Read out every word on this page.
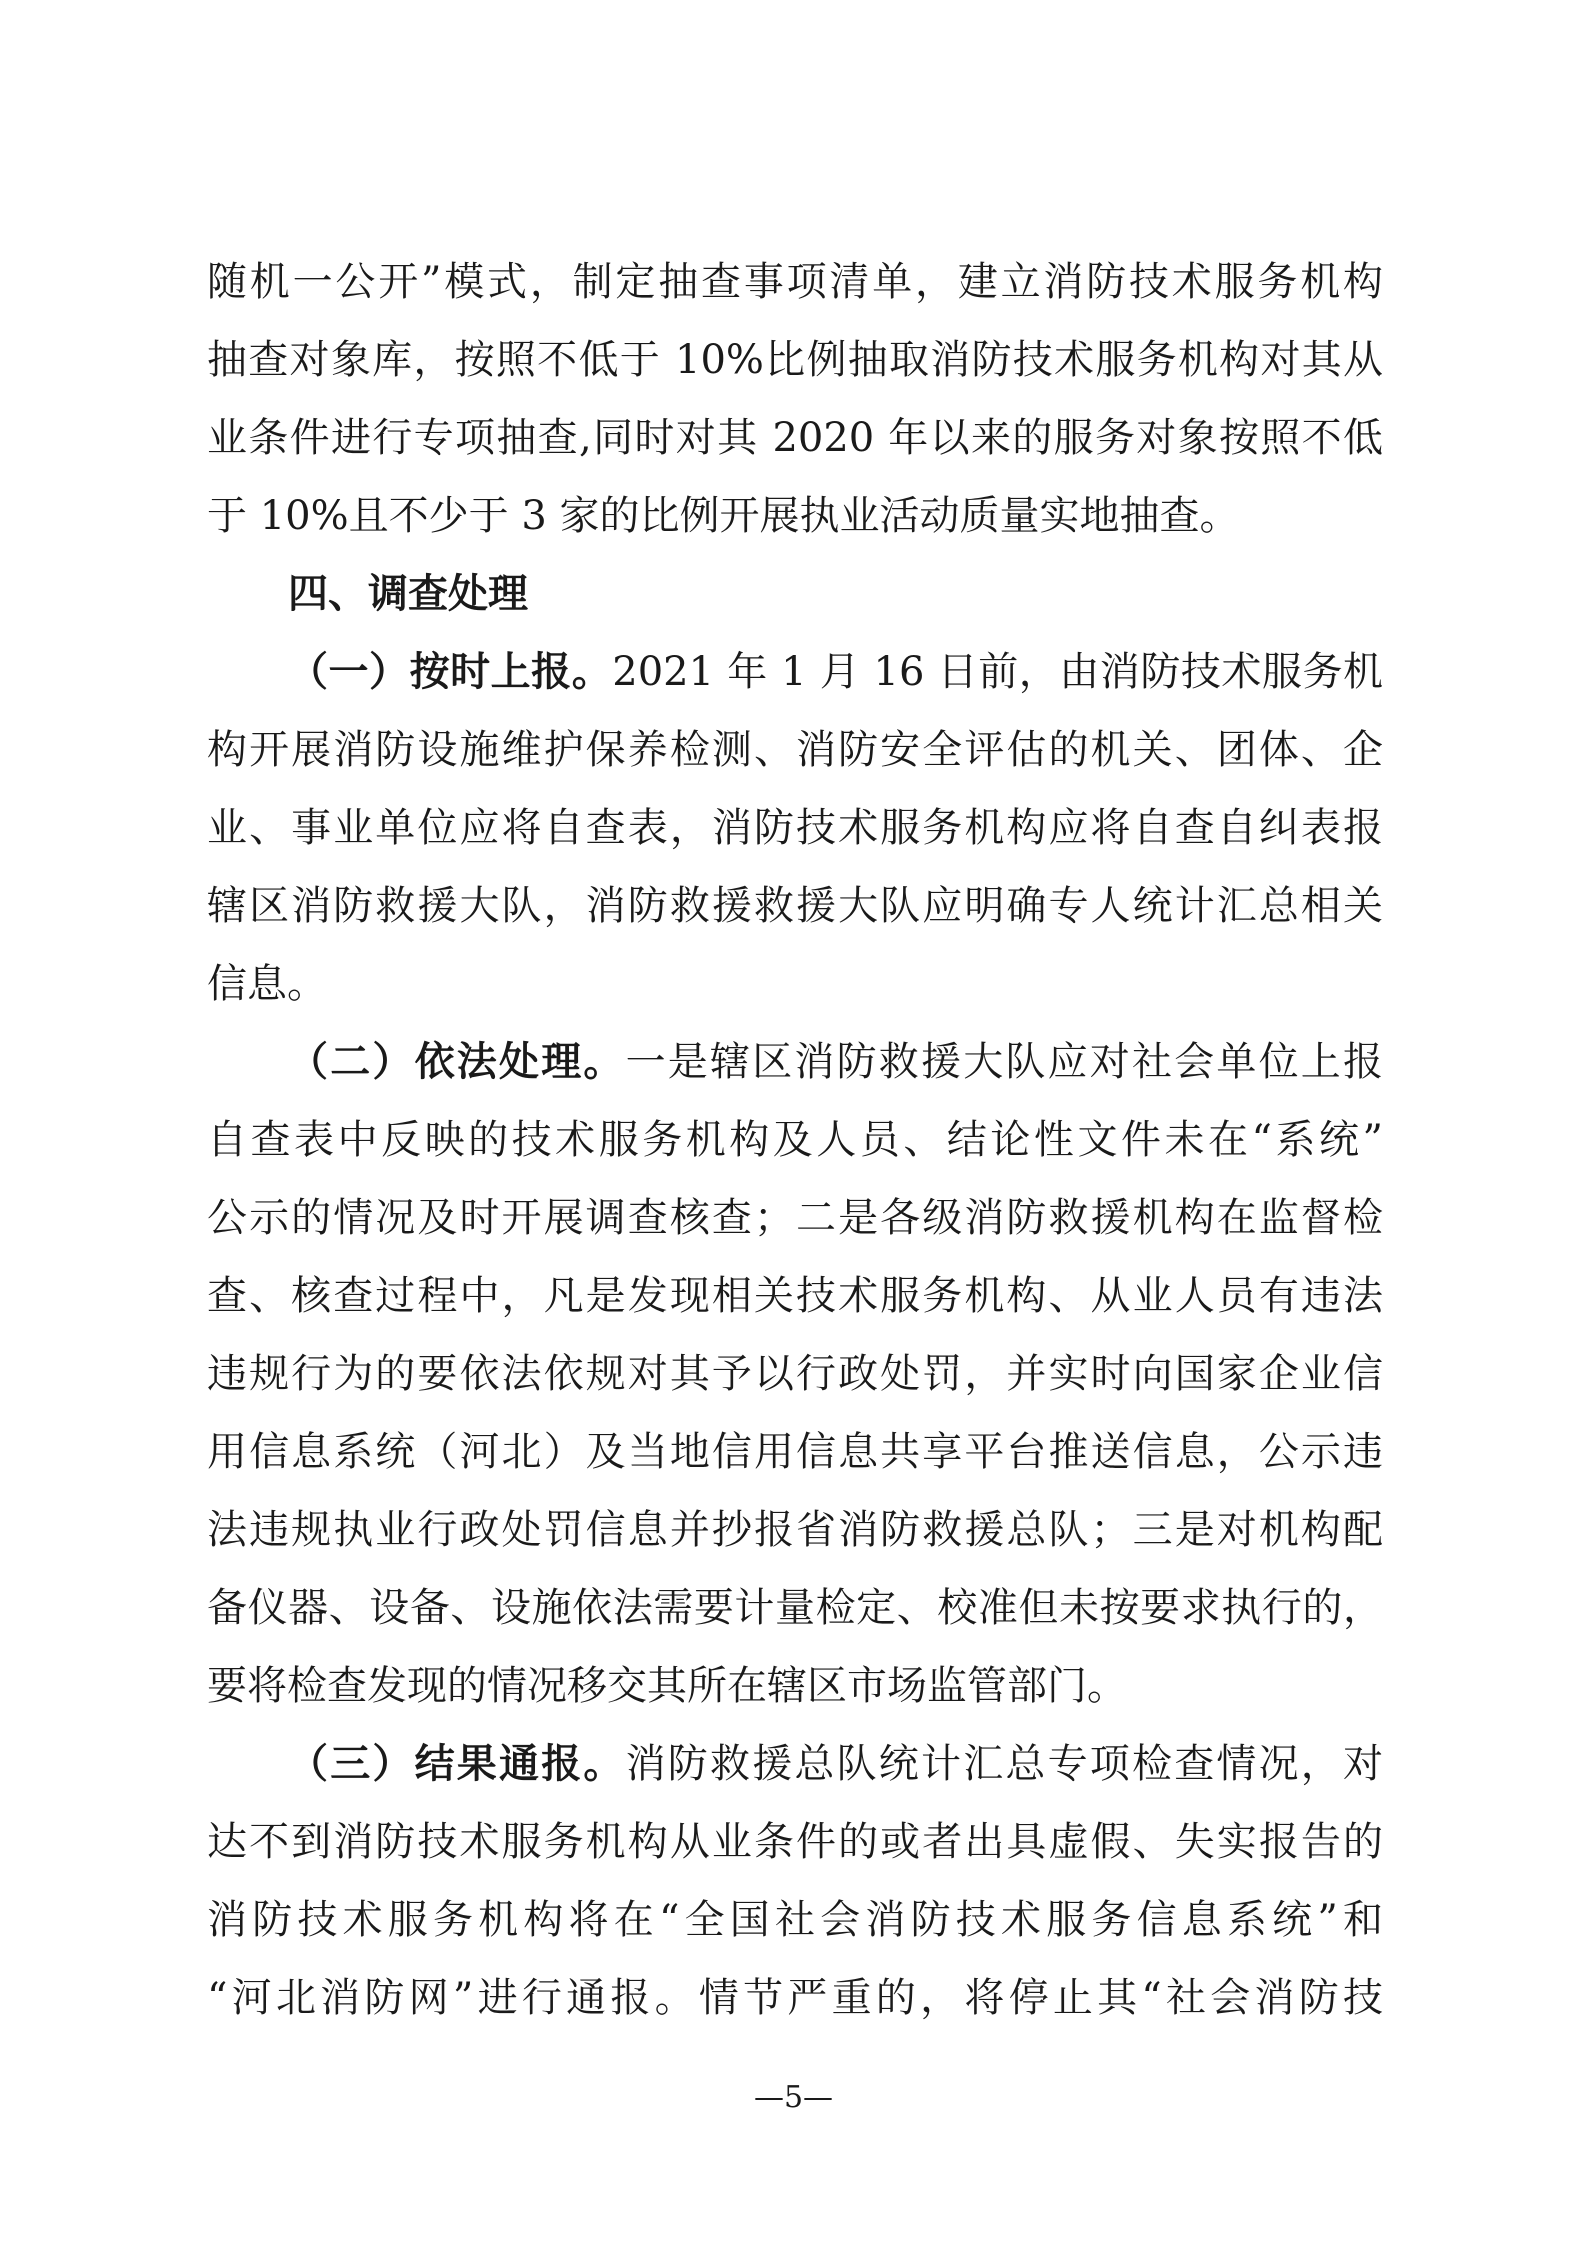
随机一公开”模式，制定抽查事项清单，建立消防技术服务机构
抽查对象库，按照不低于 10%比例抽取消防技术服务机构对其从
业条件进行专项抽查,同时对其 2020 年以来的服务对象按照不低
于 10%且不少于 3 家的比例开展执业活动质量实地抽查。
四、调查处理
（一）按时上报。2021 年 1 月 16 日前，由消防技术服务机
构开展消防设施维护保养检测、消防安全评估的机关、团体、企
业、事业单位应将自查表，消防技术服务机构应将自查自纠表报
辖区消防救援大队，消防救援救援大队应明确专人统计汇总相关
信息。
（二）依法处理。一是辖区消防救援大队应对社会单位上报
自查表中反映的技术服务机构及人员、结论性文件未在“系统”
公示的情况及时开展调查核查；二是各级消防救援机构在监督检
查、核查过程中，凡是发现相关技术服务机构、从业人员有违法
违规行为的要依法依规对其予以行政处罚，并实时向国家企业信
用信息系统（河北）及当地信用信息共享平台推送信息，公示违
法违规执业行政处罚信息并抄报省消防救援总队；三是对机构配
备仪器、设备、设施依法需要计量检定、校准但未按要求执行的，
要将检查发现的情况移交其所在辖区市场监管部门。
（三）结果通报。消防救援总队统计汇总专项检查情况，对
达不到消防技术服务机构从业条件的或者出具虚假、失实报告的
消防技术服务机构将在“全国社会消防技术服务信息系统”和
“河北消防网”进行通报。情节严重的，将停止其“社会消防技
—5—
